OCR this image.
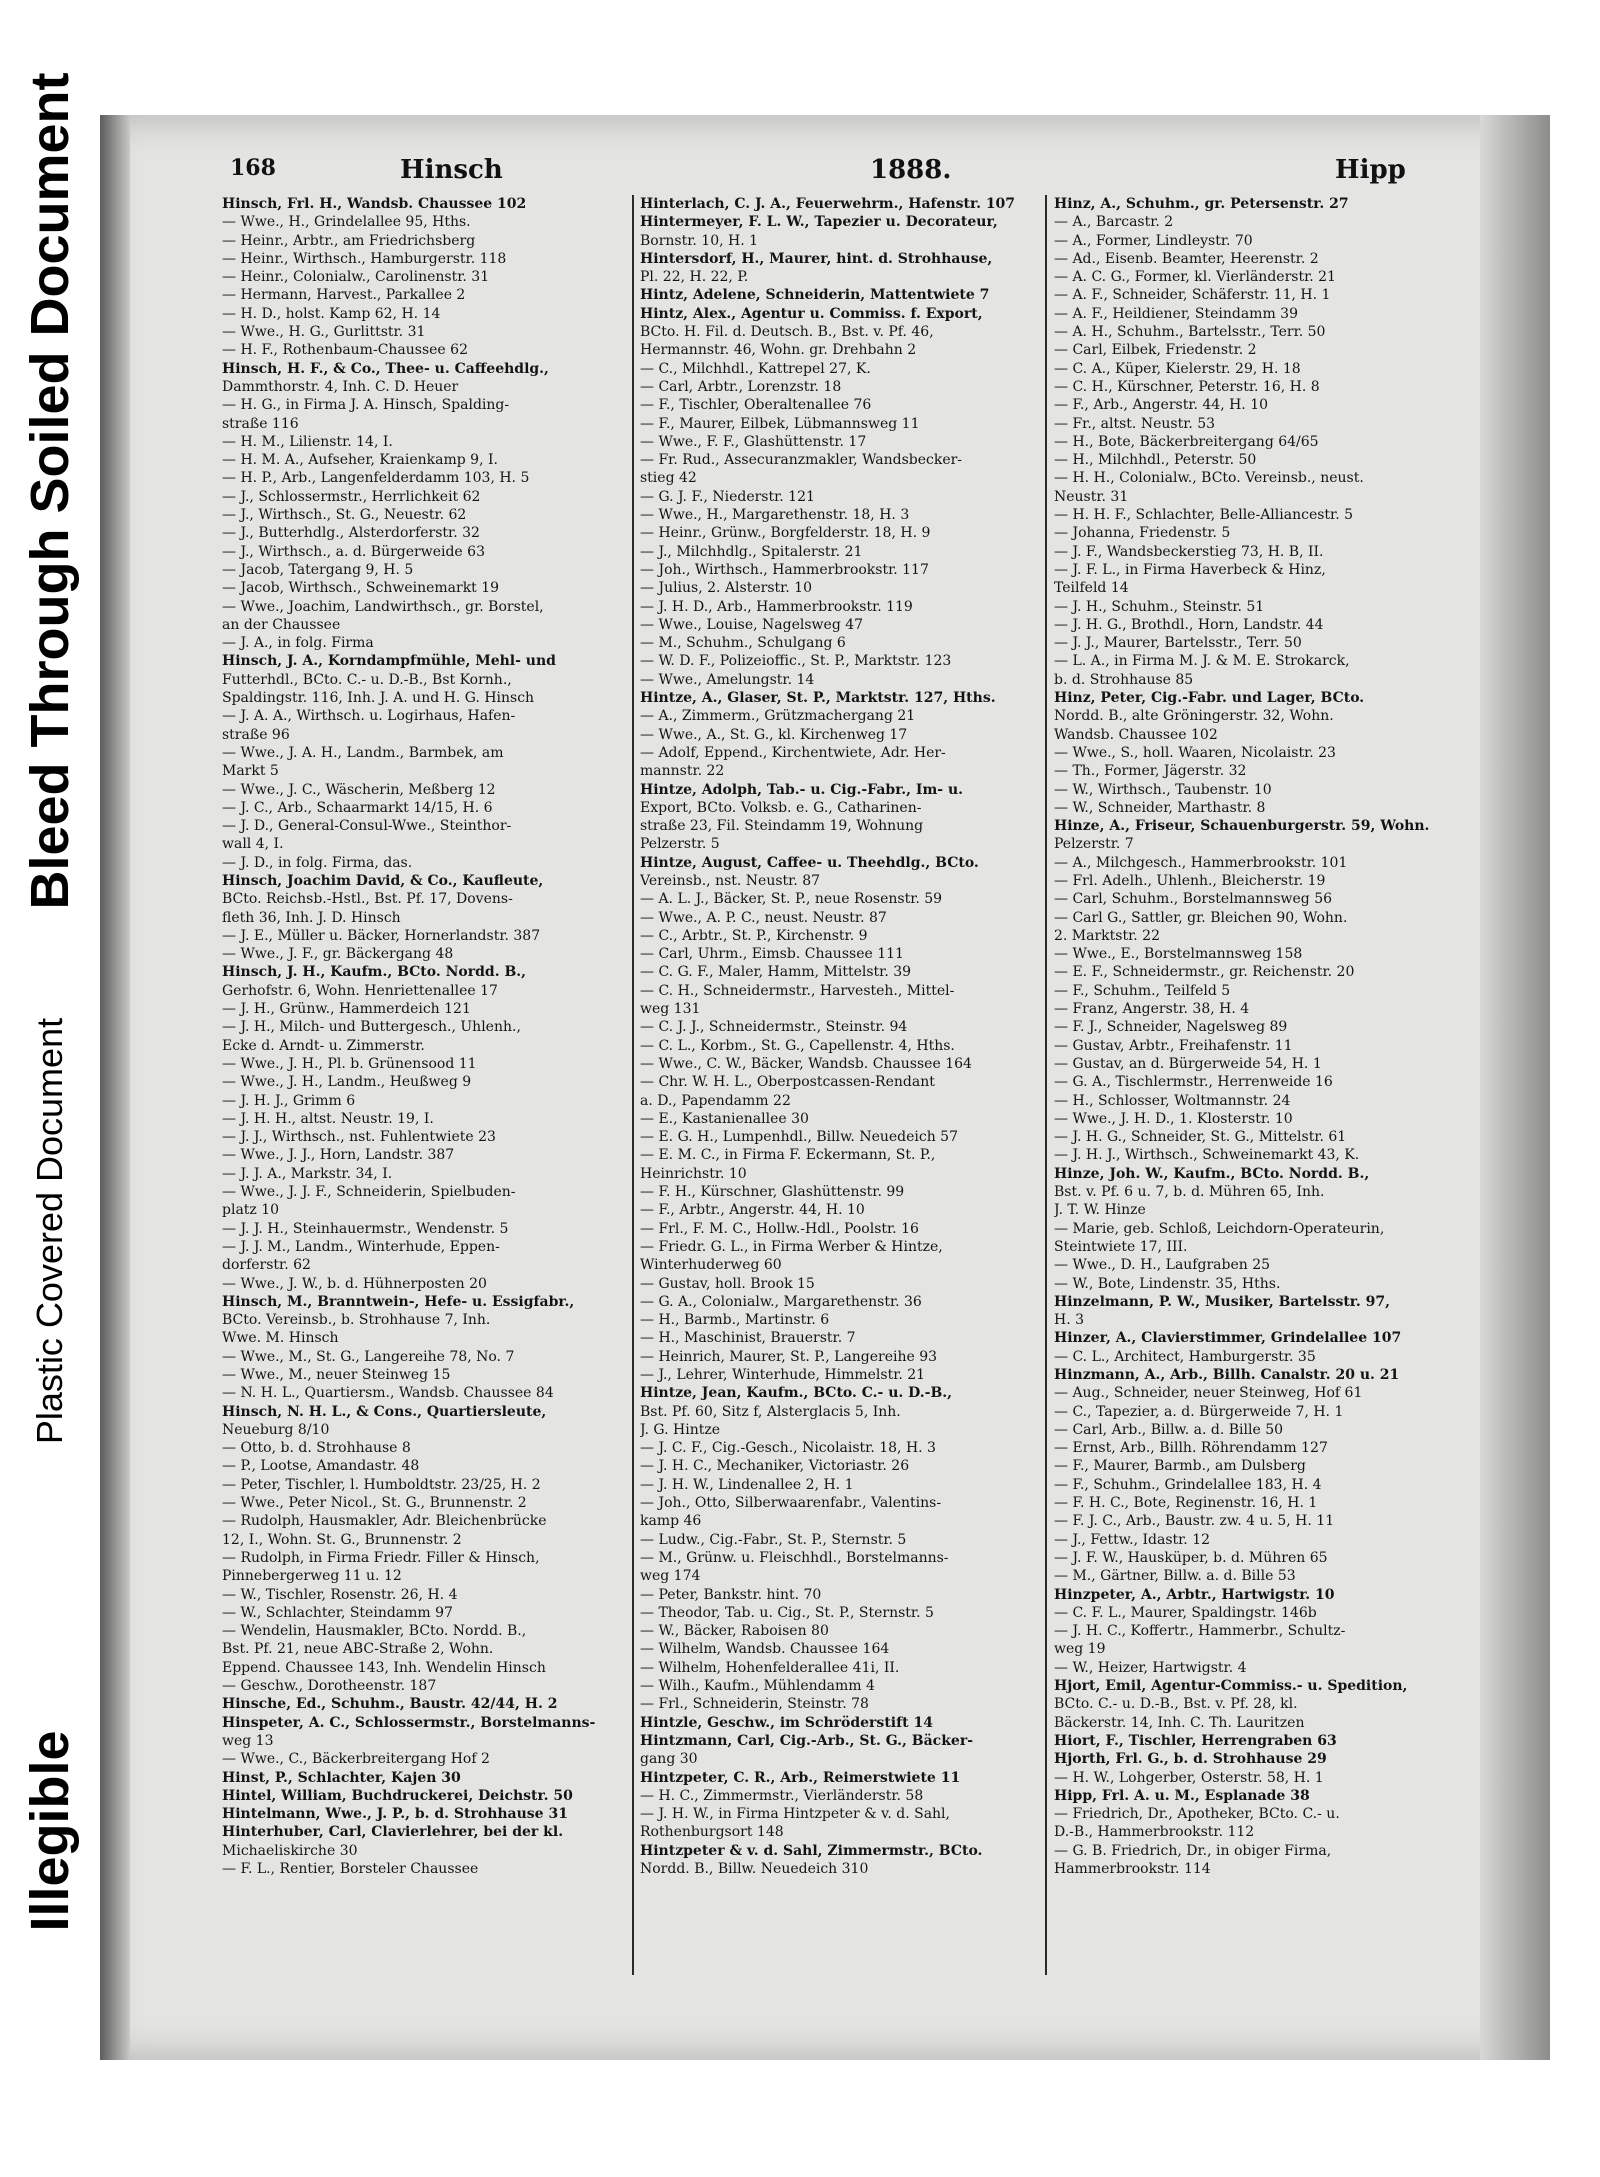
Bleed Through Soiled Document
Plastic Covered Document
Illegible
168	Hinsch	1888.	Hipp
Hinsch, Frl. H., Wandsb. Chaussee 102
— Wwe., H., Grindelallee 95, Hths.
— Heinr., Arbtr., am Friedrichsberg
— Heinr., Wirthsch., Hamburgerstr. 118
— Heinr., Colonialw., Carolinenstr. 31
— Hermann, Harvest., Parkallee 2
— H. D., holst. Kamp 62, H. 14
— Wwe., H. G., Gurlittstr. 31
— H. F., Rothenbaum-Chaussee 62
Hinsch, H. F., & Co., Thee- u. Caffeehdlg.,
Dammthorstr. 4, Inh. C. D. Heuer
— H. G., in Firma J. A. Hinsch, Spalding-
straße 116
— H. M., Lilienstr. 14, I.
— H. M. A., Aufseher, Kraienkamp 9, I.
— H. P., Arb., Langenfelderdamm 103, H. 5
— J., Schlossermstr., Herrlichkeit 62
— J., Wirthsch., St. G., Neuestr. 62
— J., Butterhdlg., Alsterdorferstr. 32
— J., Wirthsch., a. d. Bürgerweide 63
— Jacob, Tatergang 9, H. 5
— Jacob, Wirthsch., Schweinemarkt 19
— Wwe., Joachim, Landwirthsch., gr. Borstel,
an der Chaussee
— J. A., in folg. Firma
Hinsch, J. A., Korndampfmühle, Mehl- und
Futterhdl., BCto. C.- u. D.-B., Bst Kornh.,
Spaldingstr. 116, Inh. J. A. und H. G. Hinsch
— J. A. A., Wirthsch. u. Logirhaus, Hafen-
straße 96
— Wwe., J. A. H., Landm., Barmbek, am
Markt 5
— Wwe., J. C., Wäscherin, Meßberg 12
— J. C., Arb., Schaarmarkt 14/15, H. 6
— J. D., General-Consul-Wwe., Steinthor-
wall 4, I.
— J. D., in folg. Firma, das.
Hinsch, Joachim David, & Co., Kaufleute,
BCto. Reichsb.-Hstl., Bst. Pf. 17, Dovens-
fleth 36, Inh. J. D. Hinsch
— J. E., Müller u. Bäcker, Hornerlandstr. 387
— Wwe., J. F., gr. Bäckergang 48
Hinsch, J. H., Kaufm., BCto. Nordd. B.,
Gerhofstr. 6, Wohn. Henriettenallee 17
— J. H., Grünw., Hammerdeich 121
— J. H., Milch- und Buttergesch., Uhlenh.,
Ecke d. Arndt- u. Zimmerstr.
— Wwe., J. H., Pl. b. Grünensood 11
— Wwe., J. H., Landm., Heußweg 9
— J. H. J., Grimm 6
— J. H. H., altst. Neustr. 19, I.
— J. J., Wirthsch., nst. Fuhlentwiete 23
— Wwe., J. J., Horn, Landstr. 387
— J. J. A., Markstr. 34, I.
— Wwe., J. J. F., Schneiderin, Spielbuden-
platz 10
— J. J. H., Steinhauermstr., Wendenstr. 5
— J. J. M., Landm., Winterhude, Eppen-
dorferstr. 62
— Wwe., J. W., b. d. Hühnerposten 20
Hinsch, M., Branntwein-, Hefe- u. Essigfabr.,
BCto. Vereinsb., b. Strohhause 7, Inh.
Wwe. M. Hinsch
— Wwe., M., St. G., Langereihe 78, No. 7
— Wwe., M., neuer Steinweg 15
— N. H. L., Quartiersm., Wandsb. Chaussee 84
Hinsch, N. H. L., & Cons., Quartiersleute,
Neueburg 8/10
— Otto, b. d. Strohhause 8
— P., Lootse, Amandastr. 48
— Peter, Tischler, l. Humboldtstr. 23/25, H. 2
— Wwe., Peter Nicol., St. G., Brunnenstr. 2
— Rudolph, Hausmakler, Adr. Bleichenbrücke
12, I., Wohn. St. G., Brunnenstr. 2
— Rudolph, in Firma Friedr. Filler & Hinsch,
Pinnebergerweg 11 u. 12
— W., Tischler, Rosenstr. 26, H. 4
— W., Schlachter, Steindamm 97
— Wendelin, Hausmakler, BCto. Nordd. B.,
Bst. Pf. 21, neue ABC-Straße 2, Wohn.
Eppend. Chaussee 143, Inh. Wendelin Hinsch
— Geschw., Dorotheenstr. 187
Hinsche, Ed., Schuhm., Baustr. 42/44, H. 2
Hinspeter, A. C., Schlossermstr., Borstelmanns-
weg 13
— Wwe., C., Bäckerbreitergang Hof 2
Hinst, P., Schlachter, Kajen 30
Hintel, William, Buchdruckerei, Deichstr. 50
Hintelmann, Wwe., J. P., b. d. Strohhause 31
Hinterhuber, Carl, Clavierlehrer, bei der kl.
Michaeliskirche 30
— F. L., Rentier, Borsteler Chaussee
Hinterlach, C. J. A., Feuerwehrm., Hafenstr. 107
Hintermeyer, F. L. W., Tapezier u. Decorateur,
Bornstr. 10, H. 1
Hintersdorf, H., Maurer, hint. d. Strohhause,
Pl. 22, H. 22, P.
Hintz, Adelene, Schneiderin, Mattentwiete 7
Hintz, Alex., Agentur u. Commiss. f. Export,
BCto. H. Fil. d. Deutsch. B., Bst. v. Pf. 46,
Hermannstr. 46, Wohn. gr. Drehbahn 2
— C., Milchhdl., Kattrepel 27, K.
— Carl, Arbtr., Lorenzstr. 18
— F., Tischler, Oberaltenallee 76
— F., Maurer, Eilbek, Lübmannsweg 11
— Wwe., F. F., Glashüttenstr. 17
— Fr. Rud., Assecuranzmakler, Wandsbecker-
stieg 42
— G. J. F., Niederstr. 121
— Wwe., H., Margarethenstr. 18, H. 3
— Heinr., Grünw., Borgfelderstr. 18, H. 9
— J., Milchhdlg., Spitalerstr. 21
— Joh., Wirthsch., Hammerbrookstr. 117
— Julius, 2. Alsterstr. 10
— J. H. D., Arb., Hammerbrookstr. 119
— Wwe., Louise, Nagelsweg 47
— M., Schuhm., Schulgang 6
— W. D. F., Polizeioffic., St. P., Marktstr. 123
— Wwe., Amelungstr. 14
Hintze, A., Glaser, St. P., Marktstr. 127, Hths.
— A., Zimmerm., Grützmachergang 21
— Wwe., A., St. G., kl. Kirchenweg 17
— Adolf, Eppend., Kirchentwiete, Adr. Her-
mannstr. 22
Hintze, Adolph, Tab.- u. Cig.-Fabr., Im- u.
Export, BCto. Volksb. e. G., Catharinen-
straße 23, Fil. Steindamm 19, Wohnung
Pelzerstr. 5
Hintze, August, Caffee- u. Theehdlg., BCto.
Vereinsb., nst. Neustr. 87
— A. L. J., Bäcker, St. P., neue Rosenstr. 59
— Wwe., A. P. C., neust. Neustr. 87
— C., Arbtr., St. P., Kirchenstr. 9
— Carl, Uhrm., Eimsb. Chaussee 111
— C. G. F., Maler, Hamm, Mittelstr. 39
— C. H., Schneidermstr., Harvesteh., Mittel-
weg 131
— C. J. J., Schneidermstr., Steinstr. 94
— C. L., Korbm., St. G., Capellenstr. 4, Hths.
— Wwe., C. W., Bäcker, Wandsb. Chaussee 164
— Chr. W. H. L., Oberpostcassen-Rendant
a. D., Papendamm 22
— E., Kastanienallee 30
— E. G. H., Lumpenhdl., Billw. Neuedeich 57
— E. M. C., in Firma F. Eckermann, St. P.,
Heinrichstr. 10
— F. H., Kürschner, Glashüttenstr. 99
— F., Arbtr., Angerstr. 44, H. 10
— Frl., F. M. C., Hollw.-Hdl., Poolstr. 16
— Friedr. G. L., in Firma Werber & Hintze,
Winterhuderweg 60
— Gustav, holl. Brook 15
— G. A., Colonialw., Margarethenstr. 36
— H., Barmb., Martinstr. 6
— H., Maschinist, Brauerstr. 7
— Heinrich, Maurer, St. P., Langereihe 93
— J., Lehrer, Winterhude, Himmelstr. 21
Hintze, Jean, Kaufm., BCto. C.- u. D.-B.,
Bst. Pf. 60, Sitz f, Alsterglacis 5, Inh.
J. G. Hintze
— J. C. F., Cig.-Gesch., Nicolaistr. 18, H. 3
— J. H. C., Mechaniker, Victoriastr. 26
— J. H. W., Lindenallee 2, H. 1
— Joh., Otto, Silberwaarenfabr., Valentins-
kamp 46
— Ludw., Cig.-Fabr., St. P., Sternstr. 5
— M., Grünw. u. Fleischhdl., Borstelmanns-
weg 174
— Peter, Bankstr. hint. 70
— Theodor, Tab. u. Cig., St. P., Sternstr. 5
— W., Bäcker, Raboisen 80
— Wilhelm, Wandsb. Chaussee 164
— Wilhelm, Hohenfelderallee 41i, II.
— Wilh., Kaufm., Mühlendamm 4
— Frl., Schneiderin, Steinstr. 78
Hintzle, Geschw., im Schröderstift 14
Hintzmann, Carl, Cig.-Arb., St. G., Bäcker-
gang 30
Hintzpeter, C. R., Arb., Reimerstwiete 11
— H. C., Zimmermstr., Vierländerstr. 58
— J. H. W., in Firma Hintzpeter & v. d. Sahl,
Rothenburgsort 148
Hintzpeter & v. d. Sahl, Zimmermstr., BCto.
Nordd. B., Billw. Neuedeich 310
Hinz, A., Schuhm., gr. Petersenstr. 27
— A., Barcastr. 2
— A., Former, Lindleystr. 70
— Ad., Eisenb. Beamter, Heerenstr. 2
— A. C. G., Former, kl. Vierländerstr. 21
— A. F., Schneider, Schäferstr. 11, H. 1
— A. F., Heildiener, Steindamm 39
— A. H., Schuhm., Bartelsstr., Terr. 50
— Carl, Eilbek, Friedenstr. 2
— C. A., Küper, Kielerstr. 29, H. 18
— C. H., Kürschner, Peterstr. 16, H. 8
— F., Arb., Angerstr. 44, H. 10
— Fr., altst. Neustr. 53
— H., Bote, Bäckerbreitergang 64/65
— H., Milchhdl., Peterstr. 50
— H. H., Colonialw., BCto. Vereinsb., neust.
Neustr. 31
— H. H. F., Schlachter, Belle-Alliancestr. 5
— Johanna, Friedenstr. 5
— J. F., Wandsbeckerstieg 73, H. B, II.
— J. F. L., in Firma Haverbeck & Hinz,
Teilfeld 14
— J. H., Schuhm., Steinstr. 51
— J. H. G., Brothdl., Horn, Landstr. 44
— J. J., Maurer, Bartelsstr., Terr. 50
— L. A., in Firma M. J. & M. E. Strokarck,
b. d. Strohhause 85
Hinz, Peter, Cig.-Fabr. und Lager, BCto.
Nordd. B., alte Gröningerstr. 32, Wohn.
Wandsb. Chaussee 102
— Wwe., S., holl. Waaren, Nicolaistr. 23
— Th., Former, Jägerstr. 32
— W., Wirthsch., Taubenstr. 10
— W., Schneider, Marthastr. 8
Hinze, A., Friseur, Schauenburgerstr. 59, Wohn.
Pelzerstr. 7
— A., Milchgesch., Hammerbrookstr. 101
— Frl. Adelh., Uhlenh., Bleicherstr. 19
— Carl, Schuhm., Borstelmannsweg 56
— Carl G., Sattler, gr. Bleichen 90, Wohn.
2. Marktstr. 22
— Wwe., E., Borstelmannsweg 158
— E. F., Schneidermstr., gr. Reichenstr. 20
— F., Schuhm., Teilfeld 5
— Franz, Angerstr. 38, H. 4
— F. J., Schneider, Nagelsweg 89
— Gustav, Arbtr., Freihafenstr. 11
— Gustav, an d. Bürgerweide 54, H. 1
— G. A., Tischlermstr., Herrenweide 16
— H., Schlosser, Woltmannstr. 24
— Wwe., J. H. D., 1. Klosterstr. 10
— J. H. G., Schneider, St. G., Mittelstr. 61
— J. H. J., Wirthsch., Schweinemarkt 43, K.
Hinze, Joh. W., Kaufm., BCto. Nordd. B.,
Bst. v. Pf. 6 u. 7, b. d. Mühren 65, Inh.
J. T. W. Hinze
— Marie, geb. Schloß, Leichdorn-Operateurin,
Steintwiete 17, III.
— Wwe., D. H., Laufgraben 25
— W., Bote, Lindenstr. 35, Hths.
Hinzelmann, P. W., Musiker, Bartelsstr. 97,
H. 3
Hinzer, A., Clavierstimmer, Grindelallee 107
— C. L., Architect, Hamburgerstr. 35
Hinzmann, A., Arb., Billh. Canalstr. 20 u. 21
— Aug., Schneider, neuer Steinweg, Hof 61
— C., Tapezier, a. d. Bürgerweide 7, H. 1
— Carl, Arb., Billw. a. d. Bille 50
— Ernst, Arb., Billh. Röhrendamm 127
— F., Maurer, Barmb., am Dulsberg
— F., Schuhm., Grindelallee 183, H. 4
— F. H. C., Bote, Reginenstr. 16, H. 1
— F. J. C., Arb., Baustr. zw. 4 u. 5, H. 11
— J., Fettw., Idastr. 12
— J. F. W., Hausküper, b. d. Mühren 65
— M., Gärtner, Billw. a. d. Bille 53
Hinzpeter, A., Arbtr., Hartwigstr. 10
— C. F. L., Maurer, Spaldingstr. 146b
— J. H. C., Koffertr., Hammerbr., Schultz-
weg 19
— W., Heizer, Hartwigstr. 4
Hjort, Emil, Agentur-Commiss.- u. Spedition,
BCto. C.- u. D.-B., Bst. v. Pf. 28, kl.
Bäckerstr. 14, Inh. C. Th. Lauritzen
Hiort, F., Tischler, Herrengraben 63
Hjorth, Frl. G., b. d. Strohhause 29
— H. W., Lohgerber, Osterstr. 58, H. 1
Hipp, Frl. A. u. M., Esplanade 38
— Friedrich, Dr., Apotheker, BCto. C.- u.
D.-B., Hammerbrookstr. 112
— G. B. Friedrich, Dr., in obiger Firma,
Hammerbrookstr. 114
